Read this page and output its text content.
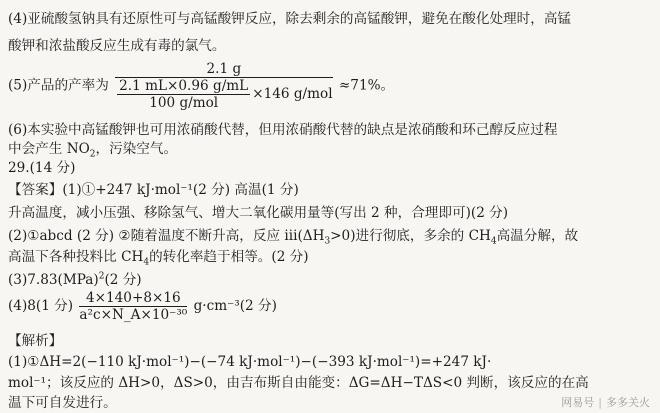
(4)亚硫酸氢钠具有还原性可与高锰酸钾反应，除去剩余的高锰酸钾，避免在酸化处理时，高锰
酸钾和浓盐酸反应生成有毒的氯气。
(5)产品的产率为 $\frac{2.1 g}{\frac{2.1 mL\times 0.96 g/mL}{\text{100 g/mol}} \times 146 g/mol} \approx 71\%$。
(6)本实验中高锰酸钾也可用浓硝酸代替，但用浓硝酸代替的缺点是浓硝酸和环己醇反应过程
中会产生 $NO_2$，污染空气。
29.(14 分)
【答案】(1)①+247 kJ·mol⁻¹(2 分) 高温(1 分)
升高温度，减小压强、移除氢气、增大二氧化碳用量等(写出 2 种，合理即可)(2 分)
(2)①abcd (2 分) ②随着温度不断升高，反应 $iii(\Delta H_3>0)$进行彻底，多余的 $CH_4$高温分解，故
高温下各种投料比 $CH_4$的转化率趋于相等。(2 分)
(3)7.83(MPa)$^2$(2 分)
(4)8(1 分) $\frac{4\times 140+8\times 16}{\text{a²c×N\_A×10⁻³⁰}} g\cdot cm^{-3}(2$ 分)
【解析】
(1)①ΔH=2(−110 kJ·mol⁻¹)−(−74 kJ·mol⁻¹)−(−393 kJ·mol⁻¹)=+247 kJ·
mol⁻¹；该反应的 ΔH>0，ΔS>0，由吉布斯自由能变：ΔG=ΔH−TΔS<0 判断，该反应的在高
温下可自发进行。	网易号 | 多多关火
